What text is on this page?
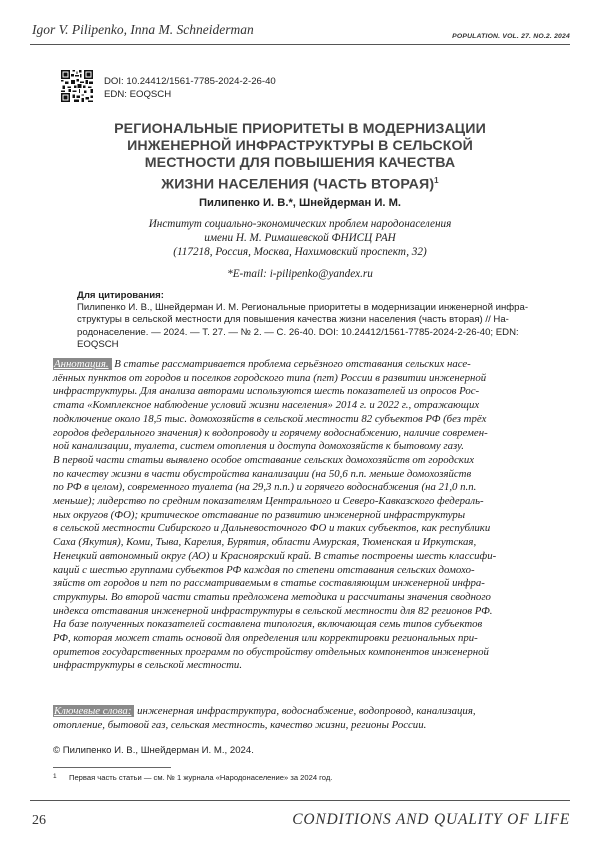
Igor V. Pilipenko, Inna M. Schneiderman	POPULATION. VOL. 27. NO.2. 2024
DOI: 10.24412/1561-7785-2024-2-26-40
EDN: EOQSCH
РЕГИОНАЛЬНЫЕ ПРИОРИТЕТЫ В МОДЕРНИЗАЦИИ
ИНЖЕНЕРНОЙ ИНФРАСТРУКТУРЫ В СЕЛЬСКОЙ
МЕСТНОСТИ ДЛЯ ПОВЫШЕНИЯ КАЧЕСТВА
ЖИЗНИ НАСЕЛЕНИЯ (ЧАСТЬ ВТОРАЯ)$^1$
Пилипенко И. В.*, Шнейдерман И. М.
Институт социально-экономических проблем народонаселения
имени Н. М. Римашевской ФНИСЦ РАН
(117218, Россия, Москва, Нахимовский проспект, 32)
*E-mail: i-pilipenko@yandex.ru
Для цитирования:
Пилипенко И. В., Шнейдерман И. М. Региональные приоритеты в модернизации инженерной инфра-
структуры в сельской местности для повышения качества жизни населения (часть вторая) // На-
родонаселение. — 2024. — Т. 27. — № 2. — С. 26-40. DOI: 10.24412/1561-7785-2024-2-26-40; EDN:
EOQSCH
Аннотация. В статье рассматривается проблема серьёзного отставания сельских насе-
лённых пунктов от городов и поселков городского типа (пгт) России в развитии инженерной
инфраструктуры. Для анализа авторами используются шесть показателей из опросов Рос-
стата «Комплексное наблюдение условий жизни населения» 2014 г. и 2022 г., отражающих
подключение около 18,5 тыс. домохозяйств в сельской местности 82 субъектов РФ (без трёх
городов федерального значения) к водопроводу и горячему водоснабжению, наличие современ-
ной канализации, туалета, систем отопления и доступа домохозяйств к бытовому газу.
В первой части статьи выявлено особое отставание сельских домохозяйств от городских
по качеству жизни в части обустройства канализации (на 50,6 п.п. меньше домохозяйств
по РФ в целом), современного туалета (на 29,3 п.п.) и горячего водоснабжения (на 21,0 п.п.
меньше); лидерство по средним показателям Центрального и Северо-Кавказского федераль-
ных округов (ФО); критическое отставание по развитию инженерной инфраструктуры
в сельской местности Сибирского и Дальневосточного ФО и таких субъектов, как республики
Саха (Якутия), Коми, Тыва, Карелия, Бурятия, области Амурская, Тюменская и Иркутская,
Ненецкий автономный округ (АО) и Красноярский край. В статье построены шесть классифи-
каций с шестью группами субъектов РФ каждая по степени отставания сельских домохо-
зяйств от городов и пгт по рассматриваемым в статье составляющим инженерной инфра-
структуры. Во второй части статьи предложена методика и рассчитаны значения сводного
индекса отставания инженерной инфраструктуры в сельской местности для 82 регионов РФ.
На базе полученных показателей составлена типология, включающая семь типов субъектов
РФ, которая может стать основой для определения или корректировки региональных при-
оритетов государственных программ по обустройству отдельных компонентов инженерной
инфраструктуры в сельской местности.
Ключевые слова: инженерная инфраструктура, водоснабжение, водопровод, канализация,
отопление, бытовой газ, сельская местность, качество жизни, регионы России.
© Пилипенко И. В., Шнейдерман И. М., 2024.
1 Первая часть статьи — см. № 1 журнала «Народонаселение» за 2024 год.
26	CONDITIONS AND QUALITY OF LIFE
